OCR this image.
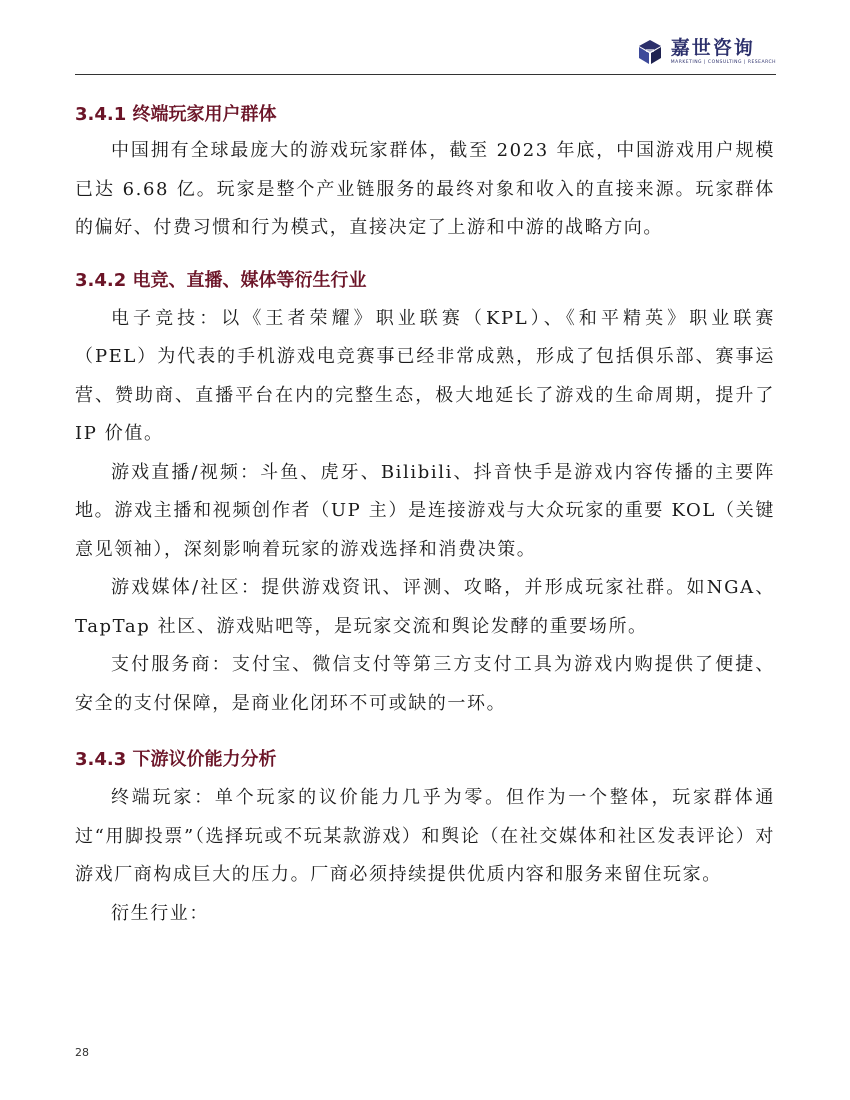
嘉世咨询
MARKETING | CONSULTING | RESEARCH
3.4.1 终端玩家用户群体

中国拥有全球最庞大的游戏玩家群体，截至 2023 年底，中国游戏用户规模已达 6.68 亿。玩家是整个产业链服务的最终对象和收入的直接来源。玩家群体的偏好、付费习惯和行为模式，直接决定了上游和中游的战略方向。

3.4.2 电竞、直播、媒体等衍生行业

电子竞技：以《王者荣耀》职业联赛（KPL）、《和平精英》职业联赛（PEL）为代表的手机游戏电竞赛事已经非常成熟，形成了包括俱乐部、赛事运营、赞助商、直播平台在内的完整生态，极大地延长了游戏的生命周期，提升了 IP 价值。

游戏直播/视频：斗鱼、虎牙、Bilibili、抖音快手是游戏内容传播的主要阵地。游戏主播和视频创作者（UP 主）是连接游戏与大众玩家的重要 KOL（关键意见领袖），深刻影响着玩家的游戏选择和消费决策。

游戏媒体/社区：提供游戏资讯、评测、攻略，并形成玩家社群。如NGA、TapTap 社区、游戏贴吧等，是玩家交流和舆论发酵的重要场所。

支付服务商：支付宝、微信支付等第三方支付工具为游戏内购提供了便捷、安全的支付保障，是商业化闭环不可或缺的一环。

3.4.3 下游议价能力分析

终端玩家：单个玩家的议价能力几乎为零。但作为一个整体，玩家群体通过“用脚投票”（选择玩或不玩某款游戏）和舆论（在社交媒体和社区发表评论）对游戏厂商构成巨大的压力。厂商必须持续提供优质内容和服务来留住玩家。

衍生行业：

28
